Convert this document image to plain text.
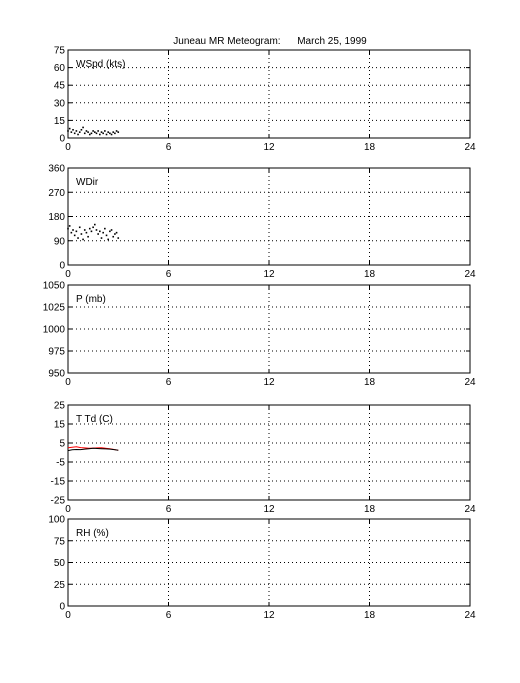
Juneau MR Meteogram:      March 25, 1999
0
15
30
45
60
75
0	6	12	18	24
WSpd (kts)
0
90
180
270
360
0	6	12	18	24
WDir
950
975
1000
1025
1050
0	6	12	18	24
P (mb)
-25
-15
-5
5
15
25
0	6	12	18	24
T Td (C)
0
25
50
75
100
0	6	12	18	24
RH (%)
